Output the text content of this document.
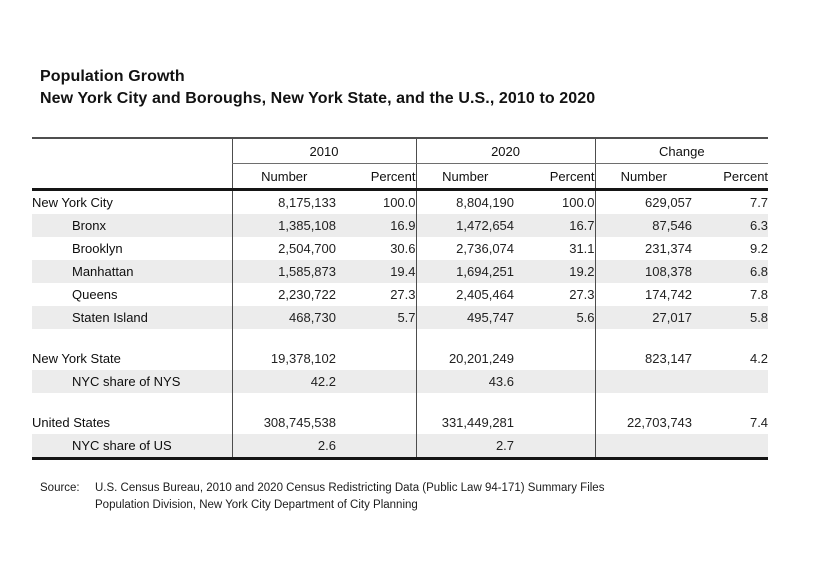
Population Growth
New York City and Boroughs, New York State, and the U.S., 2010 to 2020
	2010		2020		Change	
	Number	Percent	Number	Percent	Number	Percent
New York City	8,175,133	100.0	8,804,190	100.0	629,057	7.7
Bronx	1,385,108	16.9	1,472,654	16.7	87,546	6.3
Brooklyn	2,504,700	30.6	2,736,074	31.1	231,374	9.2
Manhattan	1,585,873	19.4	1,694,251	19.2	108,378	6.8
Queens	2,230,722	27.3	2,405,464	27.3	174,742	7.8
Staten Island	468,730	5.7	495,747	5.6	27,017	5.8

New York State	19,378,102		20,201,249		823,147	4.2
NYC share of NYS	42.2		43.6			

United States	308,745,538		331,449,281		22,703,743	7.4
NYC share of US	2.6		2.7			
Source:	U.S. Census Bureau, 2010 and 2020 Census Redistricting Data (Public Law 94-171) Summary Files
Population Division, New York City Department of City Planning
